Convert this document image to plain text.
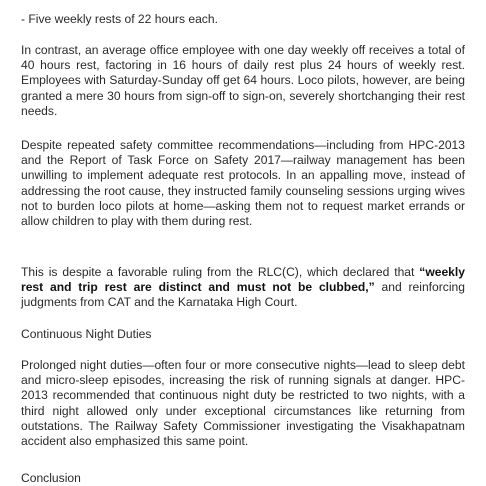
- Five weekly rests of 22 hours each.

In contrast, an average office employee with one day weekly off receives a total of 40 hours rest, factoring in 16 hours of daily rest plus 24 hours of weekly rest. Employees with Saturday-Sunday off get 64 hours. Loco pilots, however, are being granted a mere 30 hours from sign-off to sign-on, severely shortchanging their rest needs.

Despite repeated safety committee recommendations—including from HPC-2013 and the Report of Task Force on Safety 2017—railway management has been unwilling to implement adequate rest protocols. In an appalling move, instead of addressing the root cause, they instructed family counseling sessions urging wives not to burden loco pilots at home—asking them not to request market errands or allow children to play with them during rest.

This is despite a favorable ruling from the RLC(C), which declared that “weekly rest and trip rest are distinct and must not be clubbed,” and reinforcing judgments from CAT and the Karnataka High Court.

Continuous Night Duties

Prolonged night duties—often four or more consecutive nights—lead to sleep debt and micro-sleep episodes, increasing the risk of running signals at danger. HPC-2013 recommended that continuous night duty be restricted to two nights, with a third night allowed only under exceptional circumstances like returning from outstations. The Railway Safety Commissioner investigating the Visakhapatnam accident also emphasized this same point.

Conclusion
